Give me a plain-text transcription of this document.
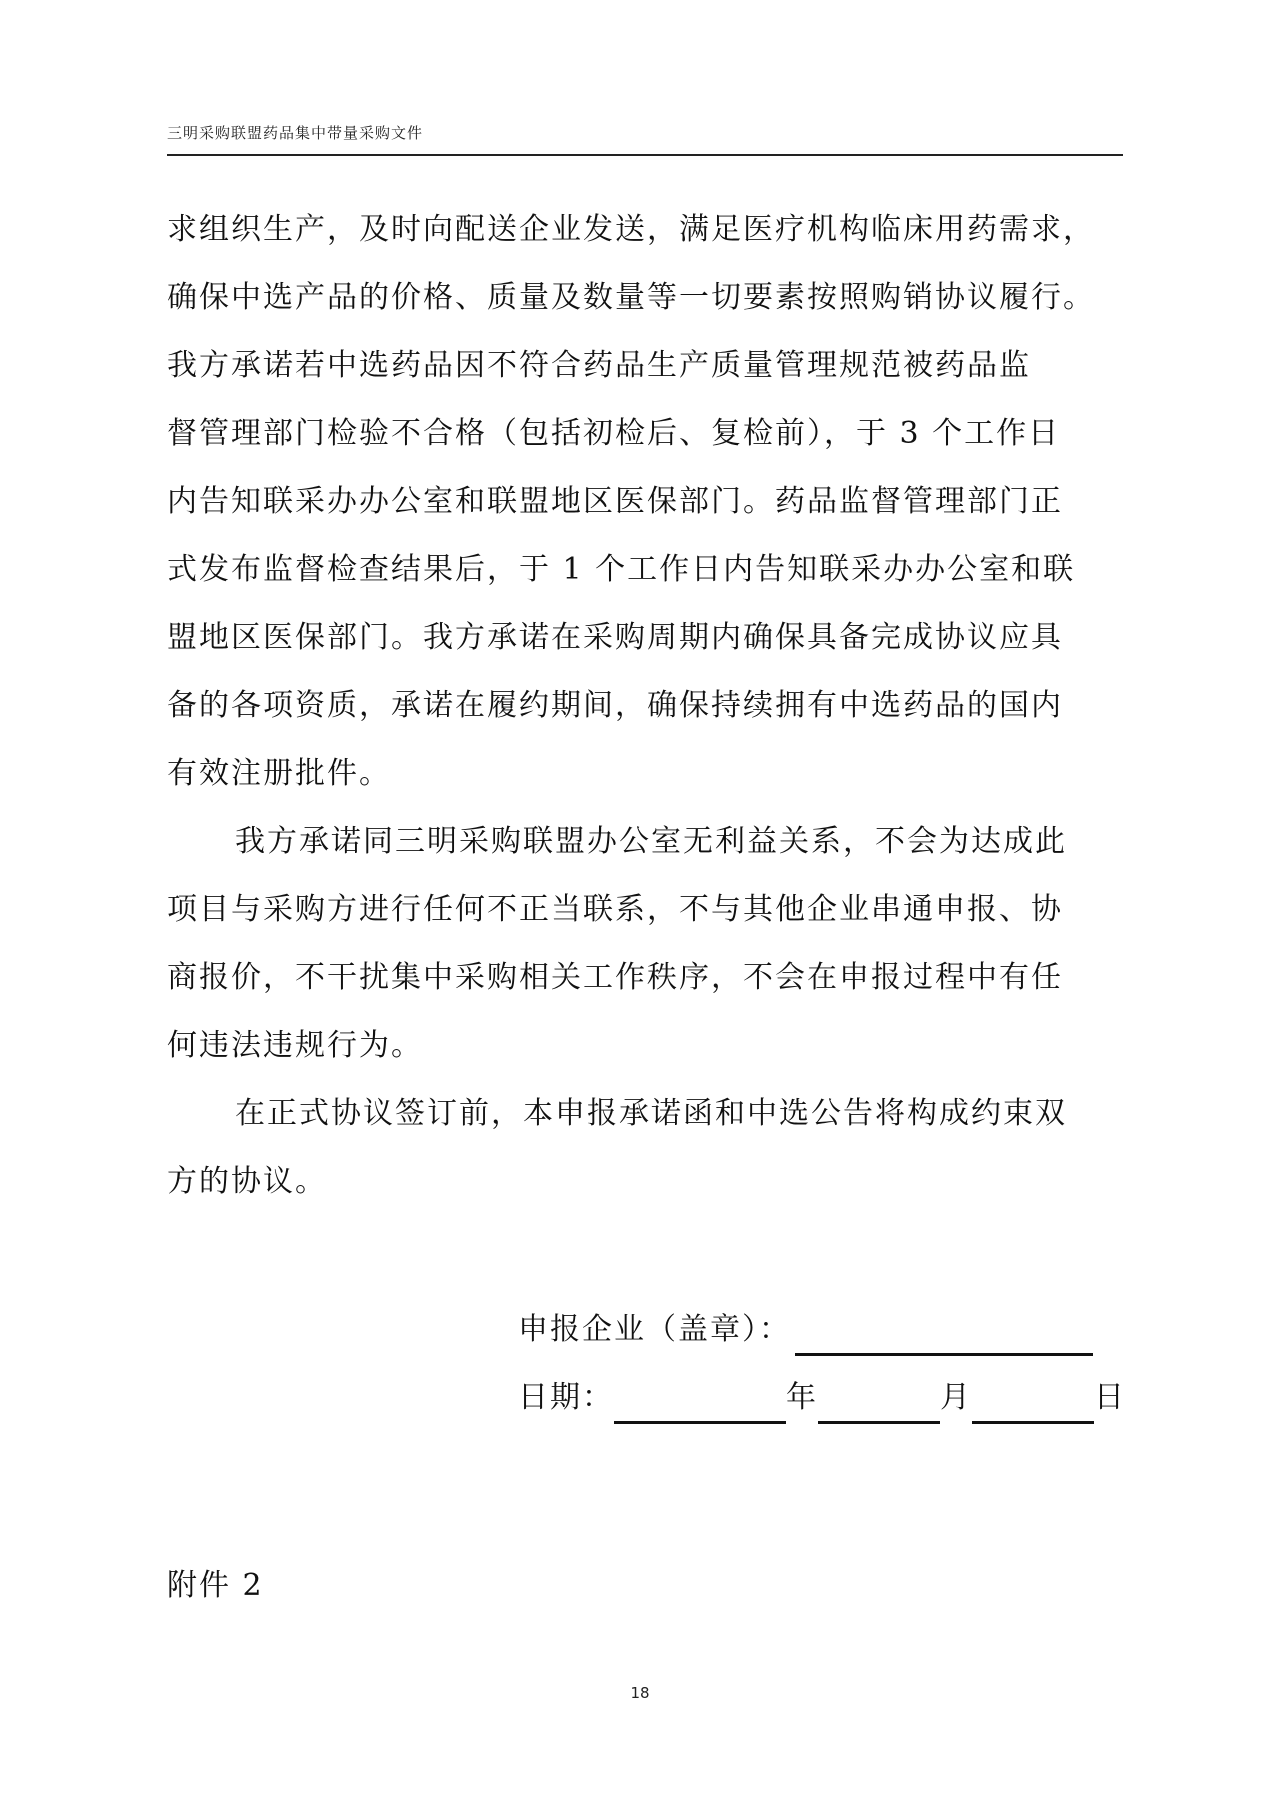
三明采购联盟药品集中带量采购文件
求组织生产，及时向配送企业发送，满足医疗机构临床用药需求，
确保中选产品的价格、质量及数量等一切要素按照购销协议履行。
我方承诺若中选药品因不符合药品生产质量管理规范被药品监
督管理部门检验不合格（包括初检后、复检前），于 3 个工作日
内告知联采办办公室和联盟地区医保部门。药品监督管理部门正
式发布监督检查结果后，于 1 个工作日内告知联采办办公室和联
盟地区医保部门。我方承诺在采购周期内确保具备完成协议应具
备的各项资质，承诺在履约期间，确保持续拥有中选药品的国内
有效注册批件。
我方承诺同三明采购联盟办公室无利益关系，不会为达成此
项目与采购方进行任何不正当联系，不与其他企业串通申报、协
商报价，不干扰集中采购相关工作秩序，不会在申报过程中有任
何违法违规行为。
在正式协议签订前，本申报承诺函和中选公告将构成约束双
方的协议。
申报企业（盖章）：
日期：	年	月	日
附件 2
18
